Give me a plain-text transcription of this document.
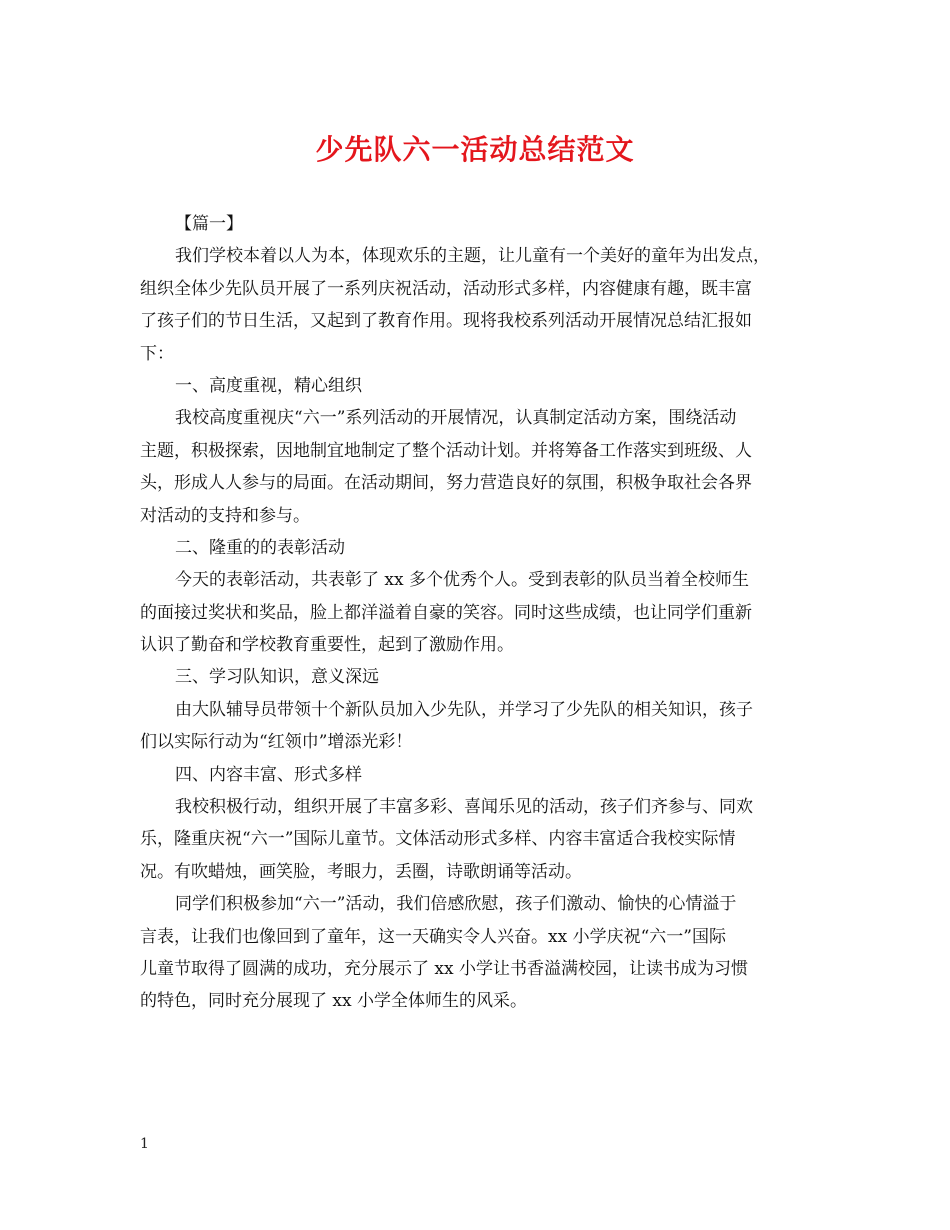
少先队六一活动总结范文
【篇一】
我们学校本着以人为本，体现欢乐的主题，让儿童有一个美好的童年为出发点，
组织全体少先队员开展了一系列庆祝活动，活动形式多样，内容健康有趣，既丰富
了孩子们的节日生活，又起到了教育作用。现将我校系列活动开展情况总结汇报如
下：
一、高度重视，精心组织
我校高度重视庆“六一”系列活动的开展情况，认真制定活动方案，围绕活动
主题，积极探索，因地制宜地制定了整个活动计划。并将筹备工作落实到班级、人
头，形成人人参与的局面。在活动期间，努力营造良好的氛围，积极争取社会各界
对活动的支持和参与。
二、隆重的的表彰活动
今天的表彰活动，共表彰了 xx 多个优秀个人。受到表彰的队员当着全校师生
的面接过奖状和奖品，脸上都洋溢着自豪的笑容。同时这些成绩，也让同学们重新
认识了勤奋和学校教育重要性，起到了激励作用。
三、学习队知识，意义深远
由大队辅导员带领十个新队员加入少先队，并学习了少先队的相关知识，孩子
们以实际行动为“红领巾”增添光彩！
四、内容丰富、形式多样
我校积极行动，组织开展了丰富多彩、喜闻乐见的活动，孩子们齐参与、同欢
乐，隆重庆祝“六一”国际儿童节。文体活动形式多样、内容丰富适合我校实际情
况。有吹蜡烛，画笑脸，考眼力，丢圈，诗歌朗诵等活动。
同学们积极参加“六一”活动，我们倍感欣慰，孩子们激动、愉快的心情溢于
言表，让我们也像回到了童年，这一天确实令人兴奋。xx 小学庆祝“六一”国际
儿童节取得了圆满的成功，充分展示了 xx 小学让书香溢满校园，让读书成为习惯
的特色，同时充分展现了 xx 小学全体师生的风采。
1
